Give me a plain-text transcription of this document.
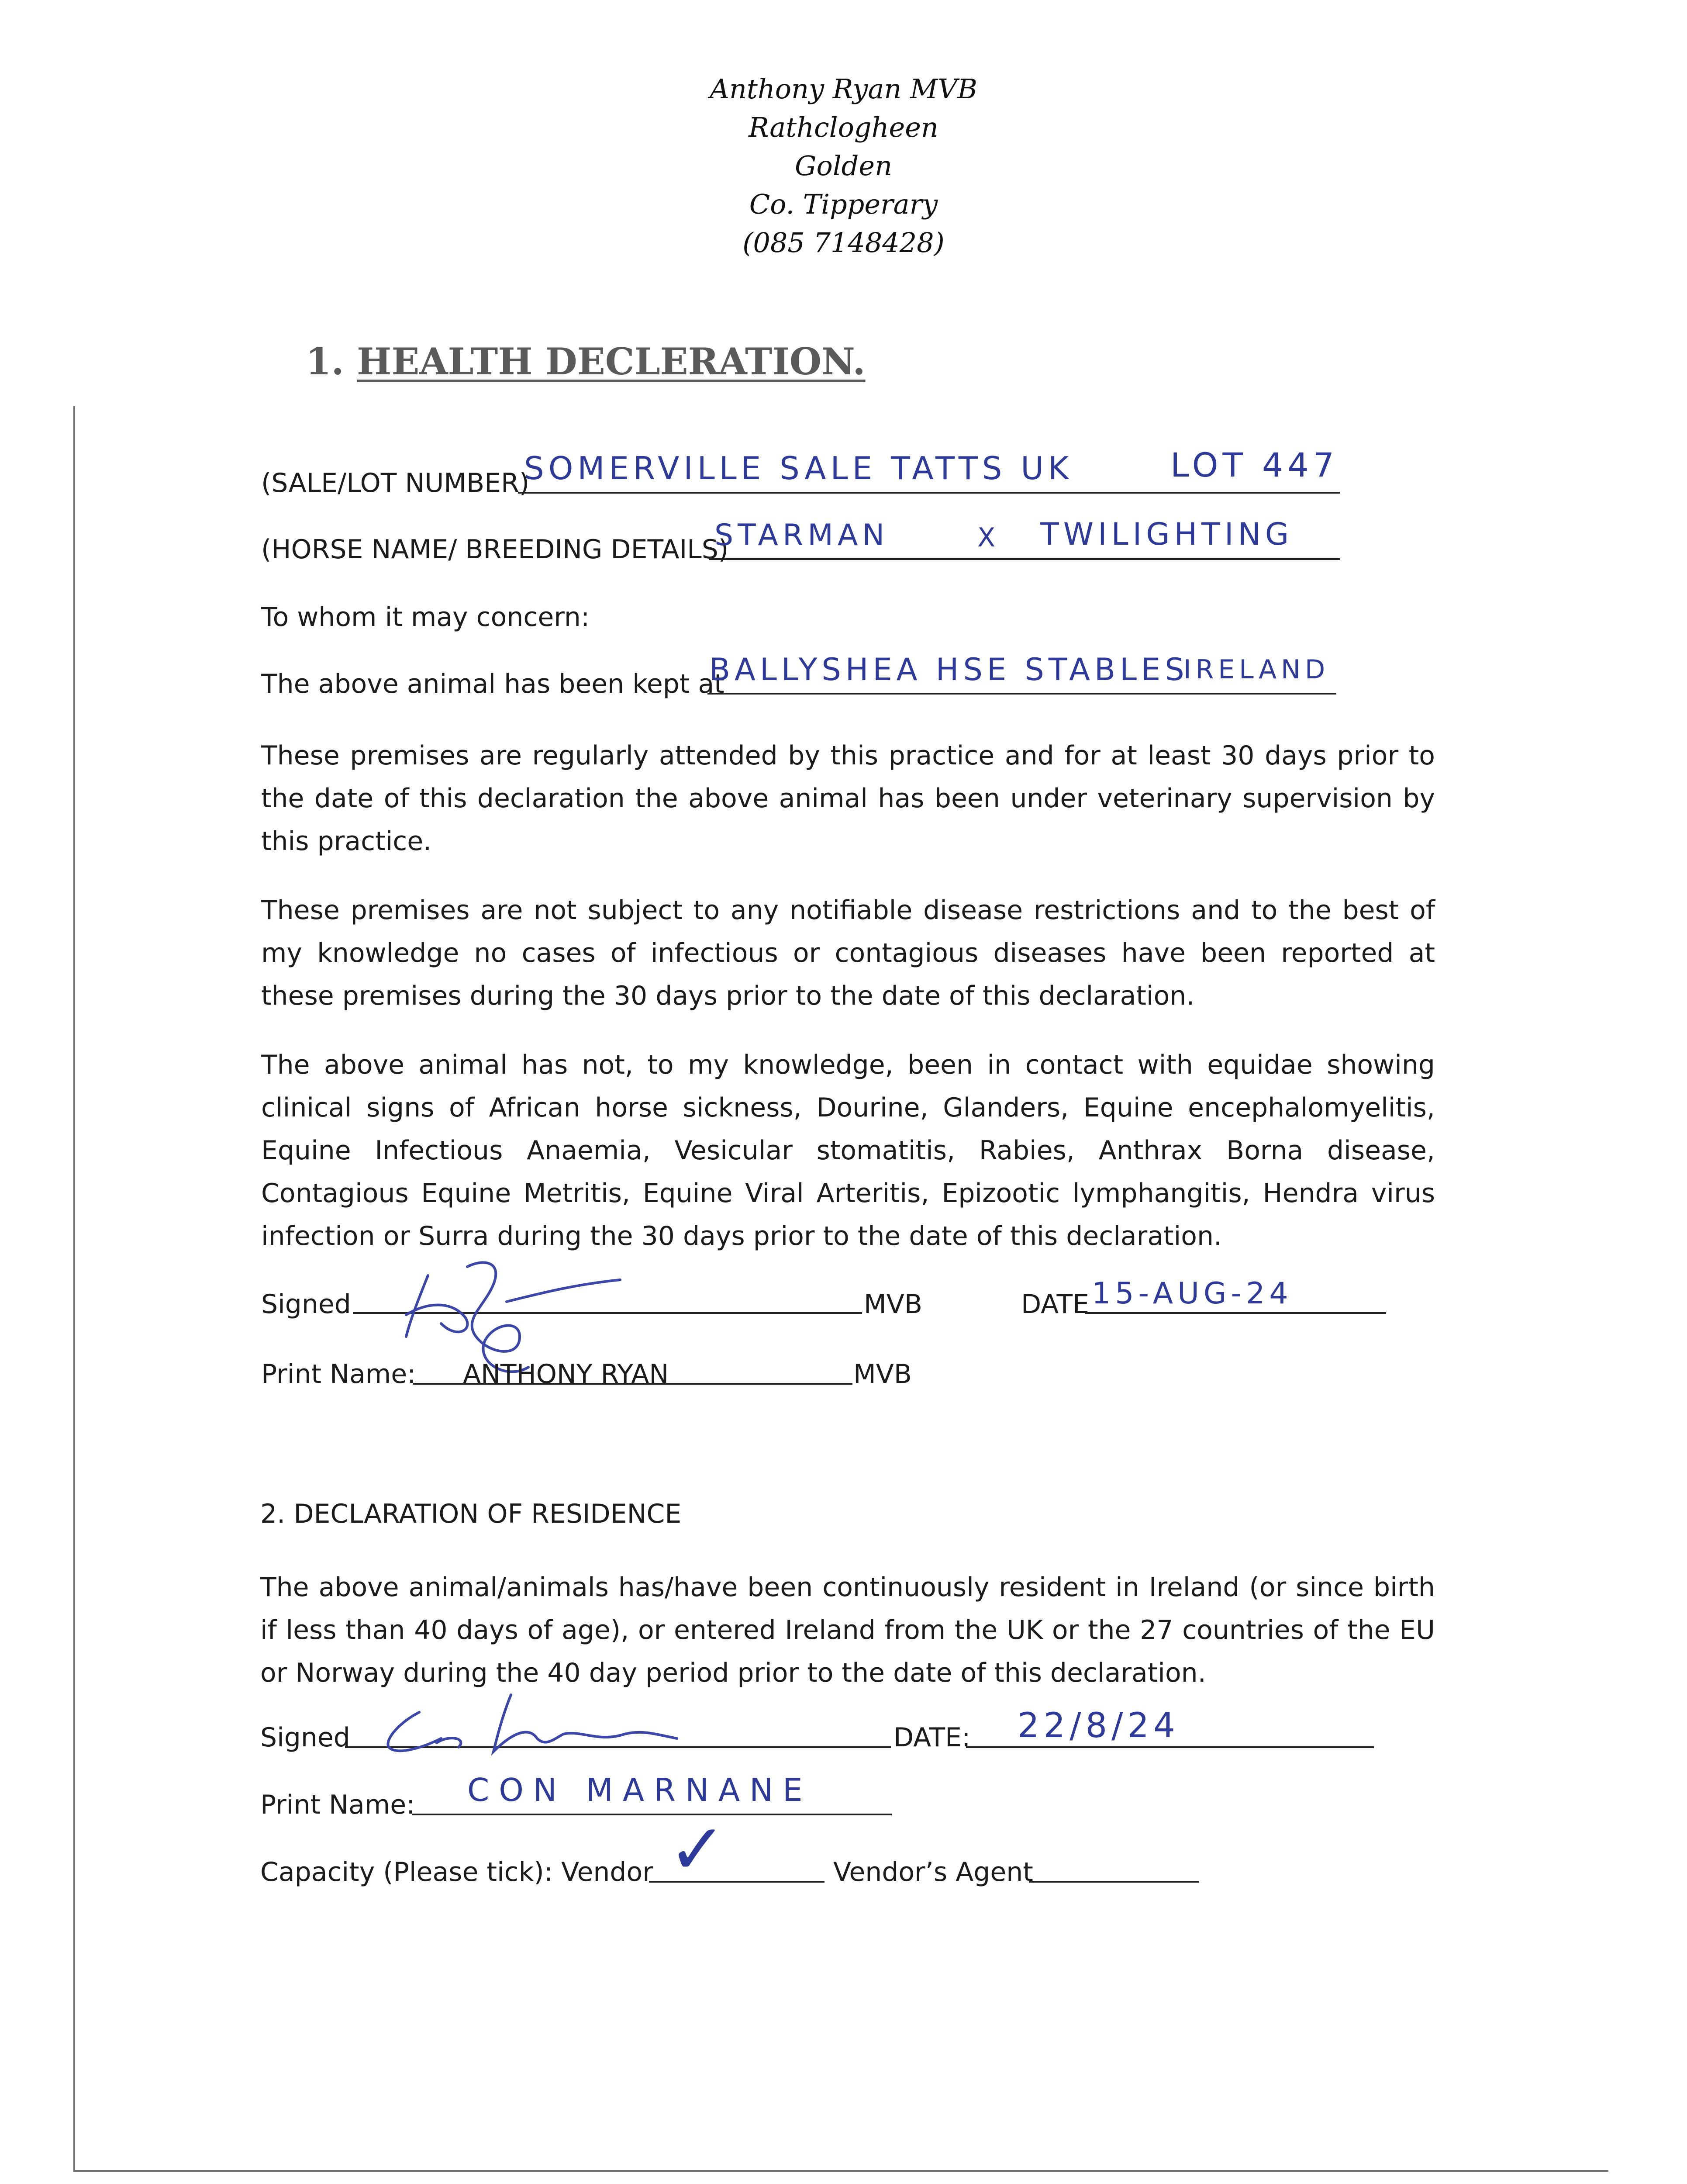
Anthony Ryan MVB
Rathclogheen
Golden
Co. Tipperary
(085 7148428)
1. HEALTH DECLERATION.
(SALE/LOT NUMBER)
SOMERVILLE SALE TATTS UK	LOT 447
(HORSE NAME/ BREEDING DETAILS)
STARMAN	X TWILIGHTING
To whom it may concern:
The above animal has been kept at
BALLYSHEA HSE STABLES
IRELAND
These premises are regularly attended by this practice and for at least 30 days prior to the date of this declaration the above animal has been under veterinary supervision by this practice.
These premises are not subject to any notifiable disease restrictions and to the best of my knowledge no cases of infectious or contagious diseases have been reported at these premises during the 30 days prior to the date of this declaration.
The above animal has not, to my knowledge, been in contact with equidae showing clinical signs of African horse sickness, Dourine, Glanders, Equine encephalomyelitis, Equine Infectious Anaemia, Vesicular stomatitis, Rabies, Anthrax Borna disease, Contagious Equine Metritis, Equine Viral Arteritis, Epizootic lymphangitis, Hendra virus infection or Surra during the 30 days prior to the date of this declaration.
Signed	MVB	DATE 15-AUG-24
Print Name: ANTHONY RYAN	MVB
2. DECLARATION OF RESIDENCE
The above animal/animals has/have been continuously resident in Ireland (or since birth if less than 40 days of age), or entered Ireland from the UK or the 27 countries of the EU or Norway during the 40 day period prior to the date of this declaration.
Signed	DATE: 22/8/24
Print Name: CON MARNANE
Capacity (Please tick): Vendor ✓	Vendor’s Agent
